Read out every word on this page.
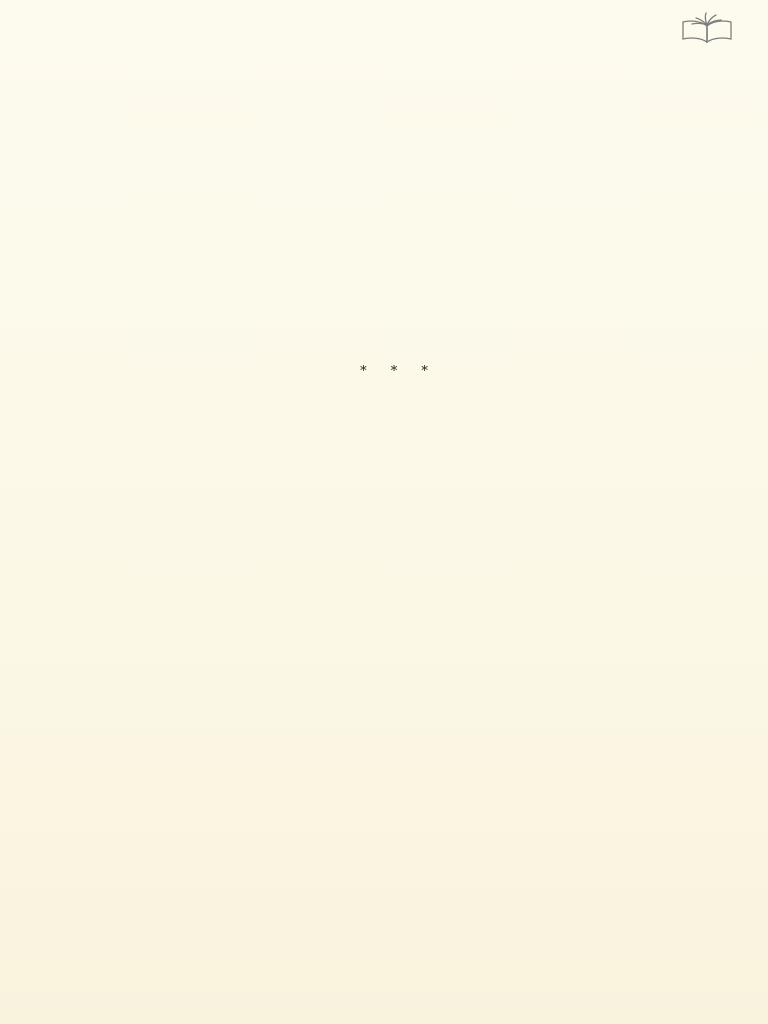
* * *
